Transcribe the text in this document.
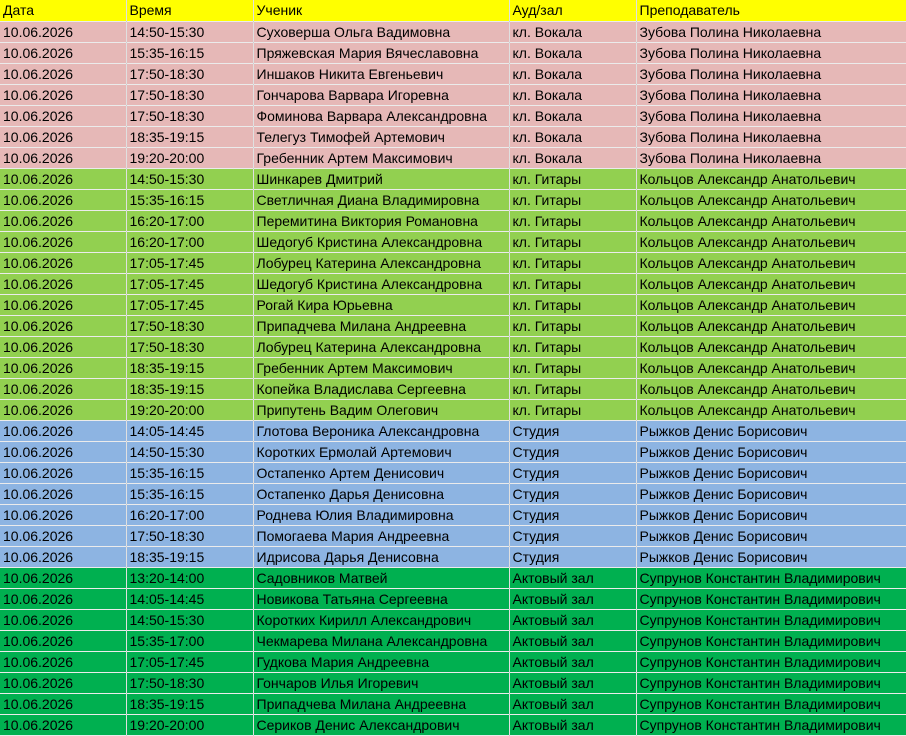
Дата	Время	Ученик	Ауд/зал	Преподаватель
10.06.2026	14:50-15:30	Суховерша Ольга Вадимовна	кл. Вокала	Зубова Полина Николаевна
10.06.2026	15:35-16:15	Пряжевская Мария Вячеславовна	кл. Вокала	Зубова Полина Николаевна
10.06.2026	17:50-18:30	Иншаков Никита Евгеньевич	кл. Вокала	Зубова Полина Николаевна
10.06.2026	17:50-18:30	Гончарова Варвара Игоревна	кл. Вокала	Зубова Полина Николаевна
10.06.2026	17:50-18:30	Фоминова Варвара Александровна	кл. Вокала	Зубова Полина Николаевна
10.06.2026	18:35-19:15	Телегуз Тимофей Артемович	кл. Вокала	Зубова Полина Николаевна
10.06.2026	19:20-20:00	Гребенник Артем Максимович	кл. Вокала	Зубова Полина Николаевна
10.06.2026	14:50-15:30	Шинкарев Дмитрий	кл. Гитары	Кольцов Александр Анатольевич
10.06.2026	15:35-16:15	Светличная Диана Владимировна	кл. Гитары	Кольцов Александр Анатольевич
10.06.2026	16:20-17:00	Перемитина Виктория Романовна	кл. Гитары	Кольцов Александр Анатольевич
10.06.2026	16:20-17:00	Шедогуб Кристина Александровна	кл. Гитары	Кольцов Александр Анатольевич
10.06.2026	17:05-17:45	Лобурец Катерина Александровна	кл. Гитары	Кольцов Александр Анатольевич
10.06.2026	17:05-17:45	Шедогуб Кристина Александровна	кл. Гитары	Кольцов Александр Анатольевич
10.06.2026	17:05-17:45	Рогай Кира Юрьевна	кл. Гитары	Кольцов Александр Анатольевич
10.06.2026	17:50-18:30	Припадчева Милана Андреевна	кл. Гитары	Кольцов Александр Анатольевич
10.06.2026	17:50-18:30	Лобурец Катерина Александровна	кл. Гитары	Кольцов Александр Анатольевич
10.06.2026	18:35-19:15	Гребенник Артем Максимович	кл. Гитары	Кольцов Александр Анатольевич
10.06.2026	18:35-19:15	Копейка Владислава Сергеевна	кл. Гитары	Кольцов Александр Анатольевич
10.06.2026	19:20-20:00	Припутень Вадим Олегович	кл. Гитары	Кольцов Александр Анатольевич
10.06.2026	14:05-14:45	Глотова Вероника Александровна	Студия	Рыжков Денис Борисович
10.06.2026	14:50-15:30	Коротких Ермолай Артемович	Студия	Рыжков Денис Борисович
10.06.2026	15:35-16:15	Остапенко Артем Денисович	Студия	Рыжков Денис Борисович
10.06.2026	15:35-16:15	Остапенко Дарья Денисовна	Студия	Рыжков Денис Борисович
10.06.2026	16:20-17:00	Роднева Юлия Владимировна	Студия	Рыжков Денис Борисович
10.06.2026	17:50-18:30	Помогаева Мария Андреевна	Студия	Рыжков Денис Борисович
10.06.2026	18:35-19:15	Идрисова Дарья Денисовна	Студия	Рыжков Денис Борисович
10.06.2026	13:20-14:00	Садовников Матвей	Актовый зал	Супрунов Константин Владимирович
10.06.2026	14:05-14:45	Новикова Татьяна Сергеевна	Актовый зал	Супрунов Константин Владимирович
10.06.2026	14:50-15:30	Коротких Кирилл Александрович	Актовый зал	Супрунов Константин Владимирович
10.06.2026	15:35-17:00	Чекмарева Милана Александровна	Актовый зал	Супрунов Константин Владимирович
10.06.2026	17:05-17:45	Гудкова Мария Андреевна	Актовый зал	Супрунов Константин Владимирович
10.06.2026	17:50-18:30	Гончаров Илья Игоревич	Актовый зал	Супрунов Константин Владимирович
10.06.2026	18:35-19:15	Припадчева Милана Андреевна	Актовый зал	Супрунов Константин Владимирович
10.06.2026	19:20-20:00	Сериков Денис Александрович	Актовый зал	Супрунов Константин Владимирович
